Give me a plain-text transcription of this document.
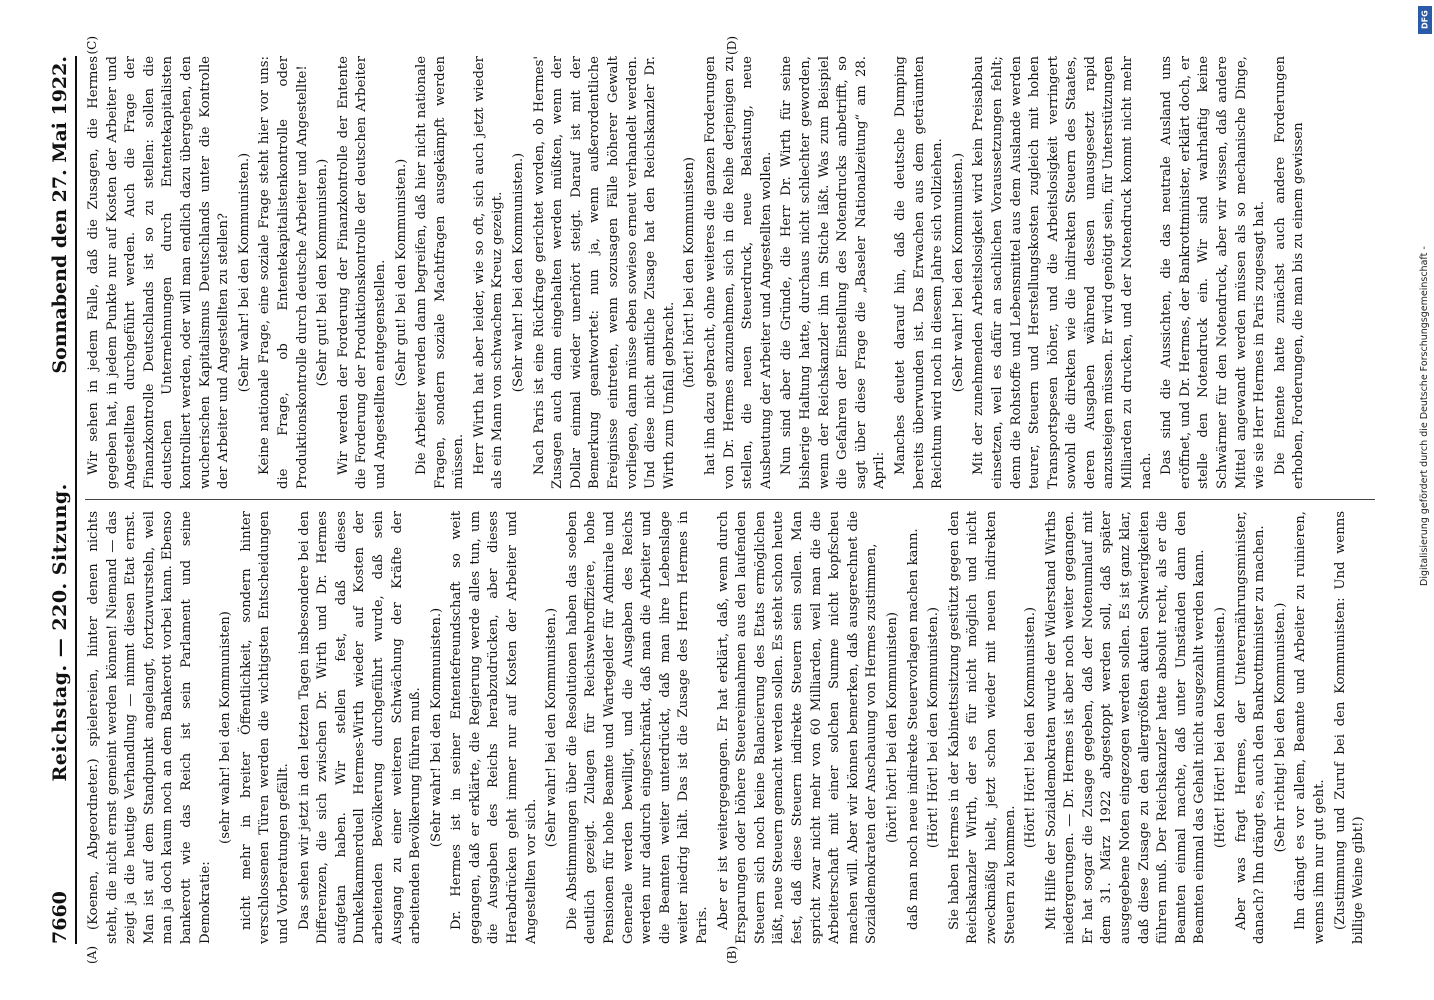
Digitalisierung gefördert durch die Deutsche Forschungsgemeinschaft -
DFG
7660
Reichstag. — 220. Sitzung.
Sonnabend den 27. Mai 1922.
(A)	(B)
(C)	(D)

(Koenen, Abgeordneter.) spielereien, hinter denen nichts steht, die nicht ernst gemeint werden können! Niemand — das zeigt ja die heutige Verhandlung — nimmt diesen Etat ernst. Man ist auf dem Standpunkt angelangt, fortzuwursteln, weil man ja doch kaum noch an dem Bankerott vorbei kann. Ebenso bankerott wie das Reich ist sein Parlament und seine Demokratie:

(sehr wahr! bei den Kommunisten) nicht mehr in breiter Öffentlichkeit, sondern hinter verschlossenen Türen werden die wichtigsten Entscheidungen und Vorberatungen gefällt. Das sehen wir jetzt in den letzten Tagen insbesondere bei den Differenzen, die sich zwischen Dr. Wirth und Dr. Hermes aufgetan haben. Wir stellen fest, daß dieses Dunkelkammerduell Hermes-Wirth wieder auf Kosten der arbeitenden Bevölkerung durchgeführt wurde, daß sein Ausgang zu einer weiteren Schwächung der Kräfte der arbeitenden Bevölkerung führen muß. (Sehr wahr! bei den Kommunisten.) Dr. Hermes ist in seiner Ententefreundschaft so weit gegangen, daß er erklärte, die Regierung werde alles tun, um die Ausgaben des Reichs herabzudrücken, aber dieses Herabdrücken geht immer nur auf Kosten der Arbeiter und Angestellten vor sich.

(Sehr wahr! bei den Kommunisten.) Die Abstimmungen über die Resolutionen haben das soeben deutlich gezeigt. Zulagen für Reichswehroffiziere, hohe Pensionen für hohe Beamte und Wartegelder für Admirale und Generale werden bewilligt, und die Ausgaben des Reichs werden nur dadurch eingeschränkt, daß man die Arbeiter und die Beamten weiter unterdrückt, daß man ihre Lebenslage weiter niedrig hält. Das ist die Zusage des Herrn Hermes in Paris. Aber er ist weitergegangen. Er hat erklärt, daß, wenn durch Ersparungen oder höhere Steuereinnahmen aus den laufenden Steuern sich noch keine Balancierung des Etats ermöglichen läßt, neue Steuern gemacht werden sollen. Es steht schon heute fest, daß diese Steuern indirekte Steuern sein sollen. Man spricht zwar nicht mehr von 60 Milliarden, weil man die die Arbeiterschaft mit einer solchen Summe nicht kopfscheu machen will. Aber wir können bemerken, daß ausgerechnet die Sozialdemokraten der Anschauung von Hermes zustimmen, (hört! hört! bei den Kommunisten) daß man noch neue indirekte Steuervorlagen machen kann. (Hört! Hört! bei den Kommunisten.) Sie haben Hermes in der Kabinettssitzung gestützt gegen den Reichskanzler Wirth, der es für nicht möglich und nicht zweckmäßig hielt, jetzt schon wieder mit neuen indirekten Steuern zu kommen.

(Hört! Hört! bei den Kommunisten.) Mit Hilfe der Sozialdemokraten wurde der Widerstand Wirths niedergerungen. — Dr. Hermes ist aber noch weiter gegangen. Er hat sogar die Zusage gegeben, daß der Notenumlauf mit dem 31. März 1922 abgestoppt werden soll, daß später ausgegebene Noten eingezogen werden sollen. Es ist ganz klar, daß diese Zusage zu den allergrößten akuten Schwierigkeiten führen muß. Der Reichskanzler hatte absolut recht, als er die Beamten einmal machte, daß unter Umständen dann den Beamten einmal das Gehalt nicht ausgezahlt werden kann. (Hört! Hört! bei den Kommunisten.) Aber was fragt Hermes, der Unterernährungsminister, danach? Ihn drängt es, auch den Bankrottminister zu machen. (Sehr richtig! bei den Kommunisten.) Ihn drängt es vor allem, Beamte und Arbeiter zu ruinieren, wenns ihm nur gut geht. (Zustimmung und Zuruf bei den Kommunisten: Und wenns billige Weine gibt!)

Wir sehen in jedem Falle, daß die Zusagen, die Hermes gegeben hat, in jedem Punkte nur auf Kosten der Arbeiter und Angestellten durchgeführt werden. Auch die Frage der Finanzkontrolle Deutschlands ist so zu stellen: sollen die deutschen Unternehmungen durch Ententekapitalisten kontrolliert werden, oder will man endlich dazu übergehen, den wucherischen Kapitalismus Deutschlands unter die Kontrolle der Arbeiter und Angestellten zu stellen? (Sehr wahr! bei den Kommunisten.) Keine nationale Frage, eine soziale Frage steht hier vor uns: die Frage, ob Ententekapitalistenkontrolle oder Produktionskontrolle durch deutsche Arbeiter und Angestellte! (Sehr gut! bei den Kommunisten.) Wir werden der Forderung der Finanzkontrolle der Entente die Forderung der Produktionskontrolle der deutschen Arbeiter und Angestellten entgegenstellen. (Sehr gut! bei den Kommunisten.) Die Arbeiter werden dann begreifen, daß hier nicht nationale Fragen, sondern soziale Machtfragen ausgekämpft werden müssen. Herr Wirth hat aber leider, wie so oft, sich auch jetzt wieder als ein Mann von schwachem Kreuz gezeigt. (Sehr wahr! bei den Kommunisten.) Nach Paris ist eine Rückfrage gerichtet worden, ob Hermes' Zusagen auch dann eingehalten werden müßten, wenn der Dollar einmal wieder unerhört steigt. Darauf ist mit der Bemerkung geantwortet: nun ja, wenn außerordentliche Ereignisse eintreten, wenn sozusagen Fälle höherer Gewalt vorliegen, dann müsse eben sowieso erneut verhandelt werden. Und diese nicht amtliche Zusage hat den Reichskanzler Dr. Wirth zum Umfall gebracht.

(hört! hört! bei den Kommunisten) hat ihn dazu gebracht, ohne weiteres die ganzen Forderungen von Dr. Hermes anzunehmen, sich in die Reihe derjenigen zu stellen, die neuen Steuerdruck, neue Belastung, neue Ausbeutung der Arbeiter und Angestellten wollen. Nun sind aber die Gründe, die Herr Dr. Wirth für seine bisherige Haltung hatte, durchaus nicht schlechter geworden, wenn der Reichskanzler ihn im Stiche läßt. Was zum Beispiel die Gefahren der Einstellung des Notendrucks anbetrifft, so sagt über diese Frage die „Baseler Nationalzeitung“ am 28. April: Manches deutet darauf hin, daß die deutsche Dumping bereits überwunden ist. Das Erwachen aus dem geträumten Reichtum wird noch in diesem Jahre sich vollziehen. (Sehr wahr! bei den Kommunisten.) Mit der zunehmenden Arbeitslosigkeit wird kein Preisabbau einsetzen, weil es dafür an sachlichen Voraussetzungen fehlt; denn die Rohstoffe und Lebensmittel aus dem Auslande werden teurer, Steuern und Herstellungskosten zugleich mit hohen Transportspesen höher, und die Arbeitslosigkeit verringert sowohl die direkten wie die indirekten Steuern des Staates, deren Ausgaben während dessen unausgesetzt rapid anzusteigen müssen. Er wird genötigt sein, für Unterstützungen Milliarden zu drucken, und der Notendruck kommt nicht mehr nach. Das sind die Aussichten, die das neutrale Ausland uns eröffnet, und Dr. Hermes, der Bankrottminister, erklärt doch, er stelle den Notendruck ein. Wir sind wahrhaftig keine Schwärmer für den Notendruck, aber wir wissen, daß andere Mittel angewandt werden müssen als so mechanische Dinge, wie sie Herr Hermes in Paris zugesagt hat. Die Entente hatte zunächst auch andere Forderungen erhoben, Forderungen, die man bis zu einem gewissen
